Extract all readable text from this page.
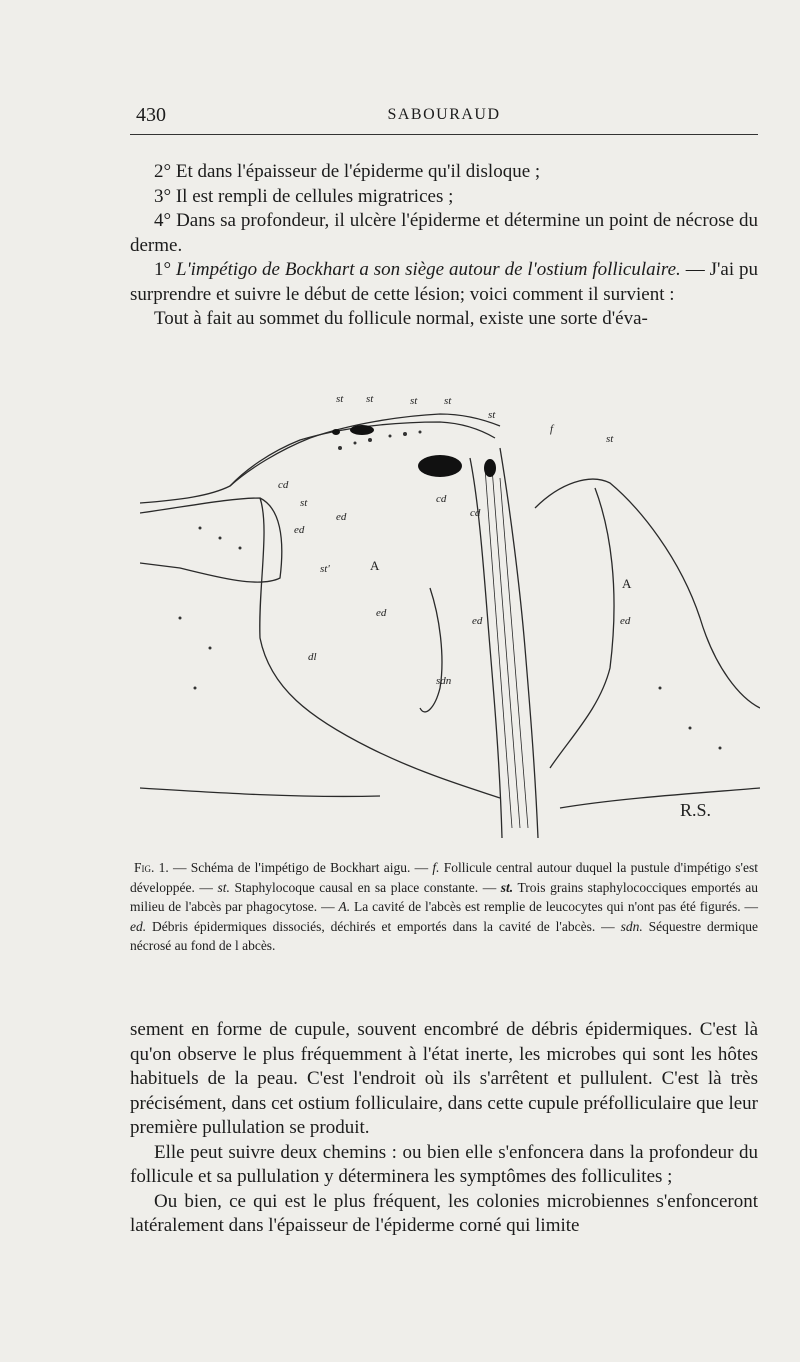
430	SABOURAUD

2° Et dans l'épaisseur de l'épiderme qu'il disloque ;

3° Il est rempli de cellules migratrices ;

4° Dans sa profondeur, il ulcère l'épiderme et détermine un point de nécrose du derme.

1° L'impétigo de Bockhart a son siège autour de l'ostium folliculaire. — J'ai pu surprendre et suivre le début de cette lésion; voici comment il survient :

Tout à fait au sommet du follicule normal, existe une sorte d'éva-

st st	st st
st
st
f
cd
st
ed
ed
cd
cd
st'	A
A
ed
ed	ed
dl
sdn
R.S.

Fig. 1. — Schéma de l'impétigo de Bockhart aigu. — f. Follicule central autour duquel la pustule d'impétigo s'est développée. — st. Staphylocoque causal en sa place constante. — st. Trois grains staphylococciques emportés au milieu de l'abcès par phagocytose. — A. La cavité de l'abcès est remplie de leucocytes qui n'ont pas été figurés. — ed. Débris épidermiques dissociés, déchirés et emportés dans la cavité de l'abcès. — sdn. Séquestre dermique nécrosé au fond de l abcès.

sement en forme de cupule, souvent encombré de débris épidermiques. C'est là qu'on observe le plus fréquemment à l'état inerte, les microbes qui sont les hôtes habituels de la peau. C'est l'endroit où ils s'arrêtent et pullulent. C'est là très précisément, dans cet ostium folliculaire, dans cette cupule préfolliculaire que leur première pullulation se produit.

Elle peut suivre deux chemins : ou bien elle s'enfoncera dans la profondeur du follicule et sa pullulation y déterminera les symptômes des folliculites ;

Ou bien, ce qui est le plus fréquent, les colonies microbiennes s'enfonceront latéralement dans l'épaisseur de l'épiderme corné qui limite
